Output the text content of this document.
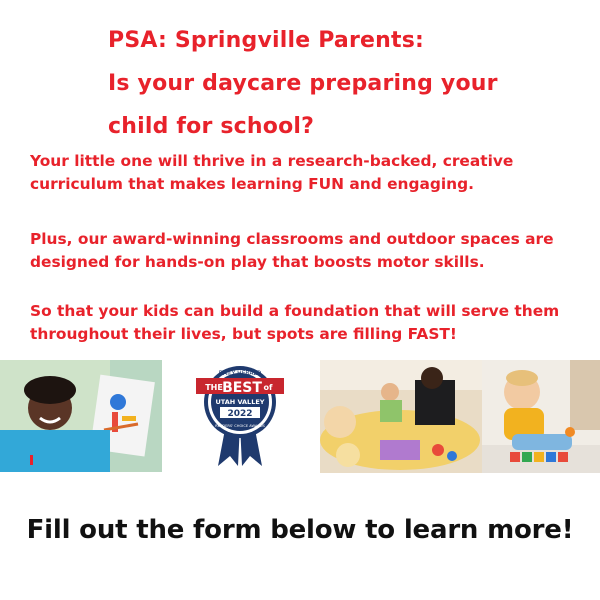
PSA: Springville Parents:
Is your daycare preparing your
child for school?
Your little one will thrive in a research-backed, creative curriculum that makes learning FUN and engaging.
Plus, our award-winning classrooms and outdoor spaces are designed for hands-on play that boosts motor skills.
So that your kids can build a foundation that will serve them throughout their lives, but spots are filling FAST!
DAILY HERALD
THE BEST of
UTAH VALLEY
2022
READERS' CHOICE AWARDS
Fill out the form below to learn more!
